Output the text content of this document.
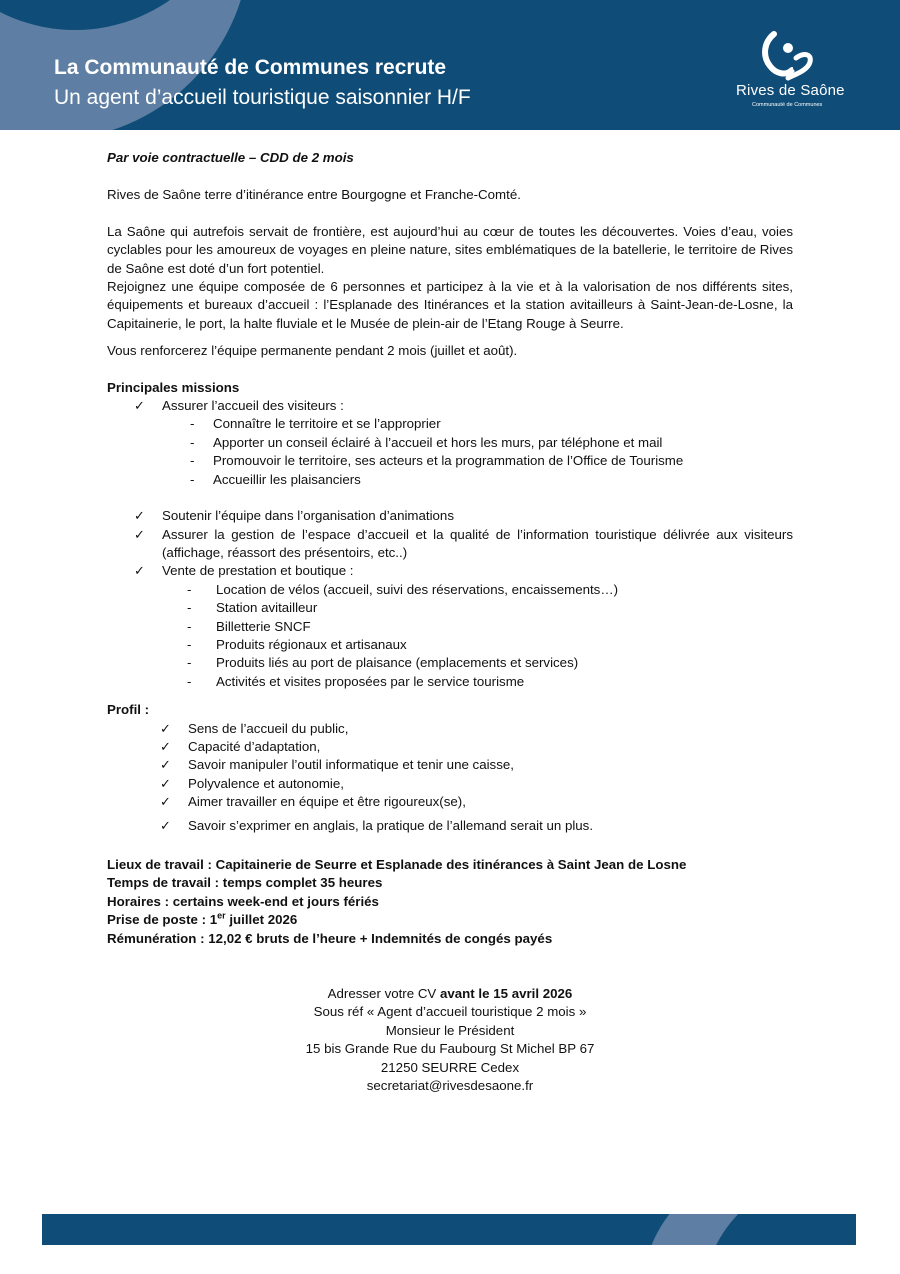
La Communauté de Communes recrute
Un agent d’accueil touristique saisonnier H/F	Rives de Saône
Communauté de Communes

Par voie contractuelle – CDD de 2 mois

Rives de Saône terre d’itinérance entre Bourgogne et Franche-Comté.

La Saône qui autrefois servait de frontière, est aujourd’hui au cœur de toutes les découvertes. Voies d’eau, voies cyclables pour les amoureux de voyages en pleine nature, sites emblématiques de la batellerie, le territoire de Rives de Saône est doté d’un fort potentiel.

Rejoignez une équipe composée de 6 personnes et participez à la vie et à la valorisation de nos différents sites, équipements et bureaux d’accueil : l’Esplanade des Itinérances et la station avitailleurs à Saint-Jean-de-Losne, la Capitainerie, le port, la halte fluviale et le Musée de plein-air de l’Etang Rouge à Seurre.

Vous renforcerez l’équipe permanente pendant 2 mois (juillet et août).

Principales missions

✓	Assurer l’accueil des visiteurs :
-	Connaître le territoire et se l’approprier
-	Apporter un conseil éclairé à l’accueil et hors les murs, par téléphone et mail
-	Promouvoir le territoire, ses acteurs et la programmation de l’Office de Tourisme
-	Accueillir les plaisanciers
✓	Soutenir l’équipe dans l’organisation d’animations
✓	Assurer la gestion de l’espace d’accueil et la qualité de l’information touristique délivrée aux visiteurs (affichage, réassort des présentoirs, etc..)
✓	Vente de prestation et boutique :
-	Location de vélos (accueil, suivi des réservations, encaissements…)
-	Station avitailleur
-	Billetterie SNCF
-	Produits régionaux et artisanaux
-	Produits liés au port de plaisance (emplacements et services)
-	Activités et visites proposées par le service tourisme

Profil :

✓	Sens de l’accueil du public,
✓	Capacité d’adaptation,
✓	Savoir manipuler l’outil informatique et tenir une caisse,
✓	Polyvalence et autonomie,
✓	Aimer travailler en équipe et être rigoureux(se),
✓	Savoir s’exprimer en anglais, la pratique de l’allemand serait un plus.
Lieux de travail : Capitainerie de Seurre et Esplanade des itinérances à Saint Jean de Losne
Temps de travail : temps complet 35 heures
Horaires : certains week-end et jours fériés
Prise de poste : 1er juillet 2026
Rémunération : 12,02 € bruts de l’heure + Indemnités de congés payés
Adresser votre CV avant le 15 avril 2026
Sous réf « Agent d’accueil touristique 2 mois »
Monsieur le Président
15 bis Grande Rue du Faubourg St Michel BP 67
21250 SEURRE Cedex
secretariat@rivesdesaone.fr
